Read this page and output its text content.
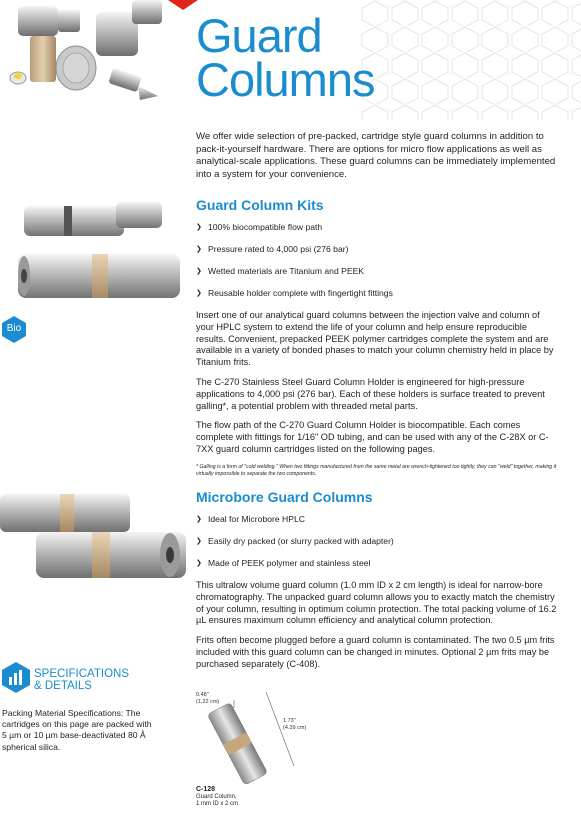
Bio
Guard
Columns

We offer wide selection of pre-packed, cartridge style guard columns in addition to pack-it-yourself hardware. There are options for micro flow applications as well as analytical-scale applications. These guard columns can be immediately implemented into a system for your convenience.

Guard Column Kits
❯ 100% biocompatible flow path
❯ Pressure rated to 4,000 psi (276 bar)
❯ Wetted materials are Titanium and PEEK
❯ Reusable holder complete with fingertight fittings

Insert one of our analytical guard columns between the injection valve and column of your HPLC system to extend the life of your column and help ensure reproducible results. Convenient, prepacked PEEK polymer cartridges complete the system and are available in a variety of bonded phases to match your column chemistry held in place by Titanium frits.

The C-270 Stainless Steel Guard Column Holder is engineered for high-pressure applications to 4,000 psi (276 bar). Each of these holders is surface treated to prevent galling*, a potential problem with threaded metal parts.

The flow path of the C-270 Guard Column Holder is biocompatible. Each comes complete with fittings for 1/16" OD tubing, and can be used with any of the C-28X or C-7XX guard column cartridges listed on the following pages.

* Galling is a form of "cold welding." When two fittings manufactured from the same metal are wrench-tightened too tightly, they can "weld" together, making it virtually impossible to separate the two components.

Microbore Guard Columns
❯ Ideal for Microbore HPLC
❯ Easily dry packed (or slurry packed with adapter)
❯ Made of PEEK polymer and stainless steel

This ultralow volume guard column (1.0 mm ID x 2 cm length) is ideal for narrow-bore chromatography. The unpacked guard column allows you to exactly match the chemistry of your column, resulting in optimum column protection. The total packing volume of 16.2 µL ensures maximum column efficiency and analytical column protection.

Frits often become plugged before a guard column is contaminated. The two 0.5 µm frits included with this guard column can be changed in minutes. Optional 2 µm frits may be purchased separately (C-408).

SPECIFICATIONS
& DETAILS

Packing Material Specifications: The cartridges on this page are packed with 5 µm or 10 µm base-deactivated 80 Å spherical silica.

0.48"
(1.22 cm)
1.73"
(4.39 cm)
C-128
Guard Column,
1 mm ID x 2 cm
